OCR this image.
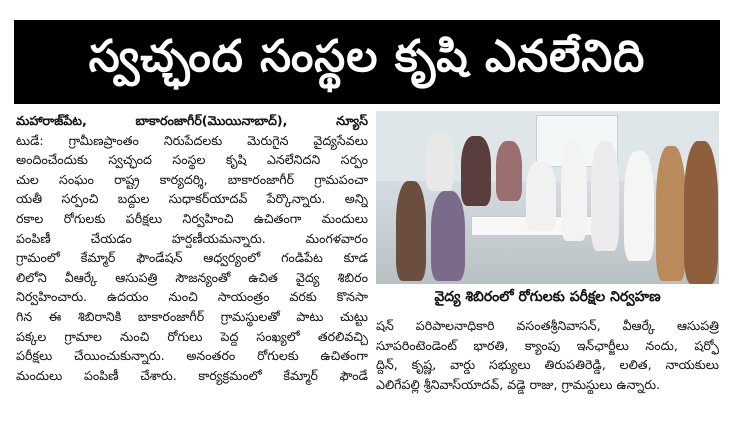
స్వచ్ఛంద సంస్థల కృషి ఎనలేనిది
మహారాజ్‌పేట, బాకారంజాగీర్(మొయినాబాద్), న్యూస్
టుడే: గ్రామీణప్రాంతం నిరుపేదలకు మెరుగైన వైద్యసేవలు
అందించేందుకు స్వచ్ఛంద సంస్థల కృషి ఎనలేనిదని సర్పం
చుల సంఘం రాష్ట్ర కార్యదర్శి, బాకారంజాగీర్ గ్రామపంచా
యతీ సర్పంచి బద్దుల సుధాకర్‌యాదవ్ పేర్కొన్నారు. అన్ని
రకాల రోగులకు పరీక్షలు నిర్వహించి ఉచితంగా మందులు
పంపిణీ చేయడం హర్షణీయమన్నారు. మంగళవారం
గ్రామంలో కేమ్మార్ ఫౌండేషన్ ఆధ్వర్యంలో గండిపేట కూడ
లిలోని వీఆర్కే ఆసుపత్రి సౌజన్యంతో ఉచిత వైద్య శిబిరం
నిర్వహించారు. ఉదయం నుంచి సాయంత్రం వరకు కొనసా
గిన ఈ శిబిరానికి బాకారంజాగీర్ గ్రామస్థులతో పాటు చుట్టు
పక్కల గ్రామాల నుంచి రోగులు పెద్ద సంఖ్యలో తరలివచ్చి
పరీక్షలు చేయించుకున్నారు. అనంతరం రోగులకు ఉచితంగా
మందులు పంపిణీ చేశారు. కార్యక్రమంలో కేమ్మార్ ఫౌండే
వైద్య శిబిరంలో రోగులకు పరీక్షల నిర్వహణ
షన్ పరిపాలనాధికారి వసంతశ్రీనివాసన్, వీఆర్కే ఆసుపత్రి
సూపరింటెండెంట్ భారతి, క్యాంపు ఇన్‌ఛార్జీలు నందు, షర్ఫో
ద్దిన్, కృష్ణ, వార్డు సభ్యులు తిరుపతిరెడ్డి, లలిత, నాయకులు
ఎలిగేపల్లి శ్రీనివాస్‌యాదవ్, వడ్డె రాజు, గ్రామస్థులు ఉన్నారు.
